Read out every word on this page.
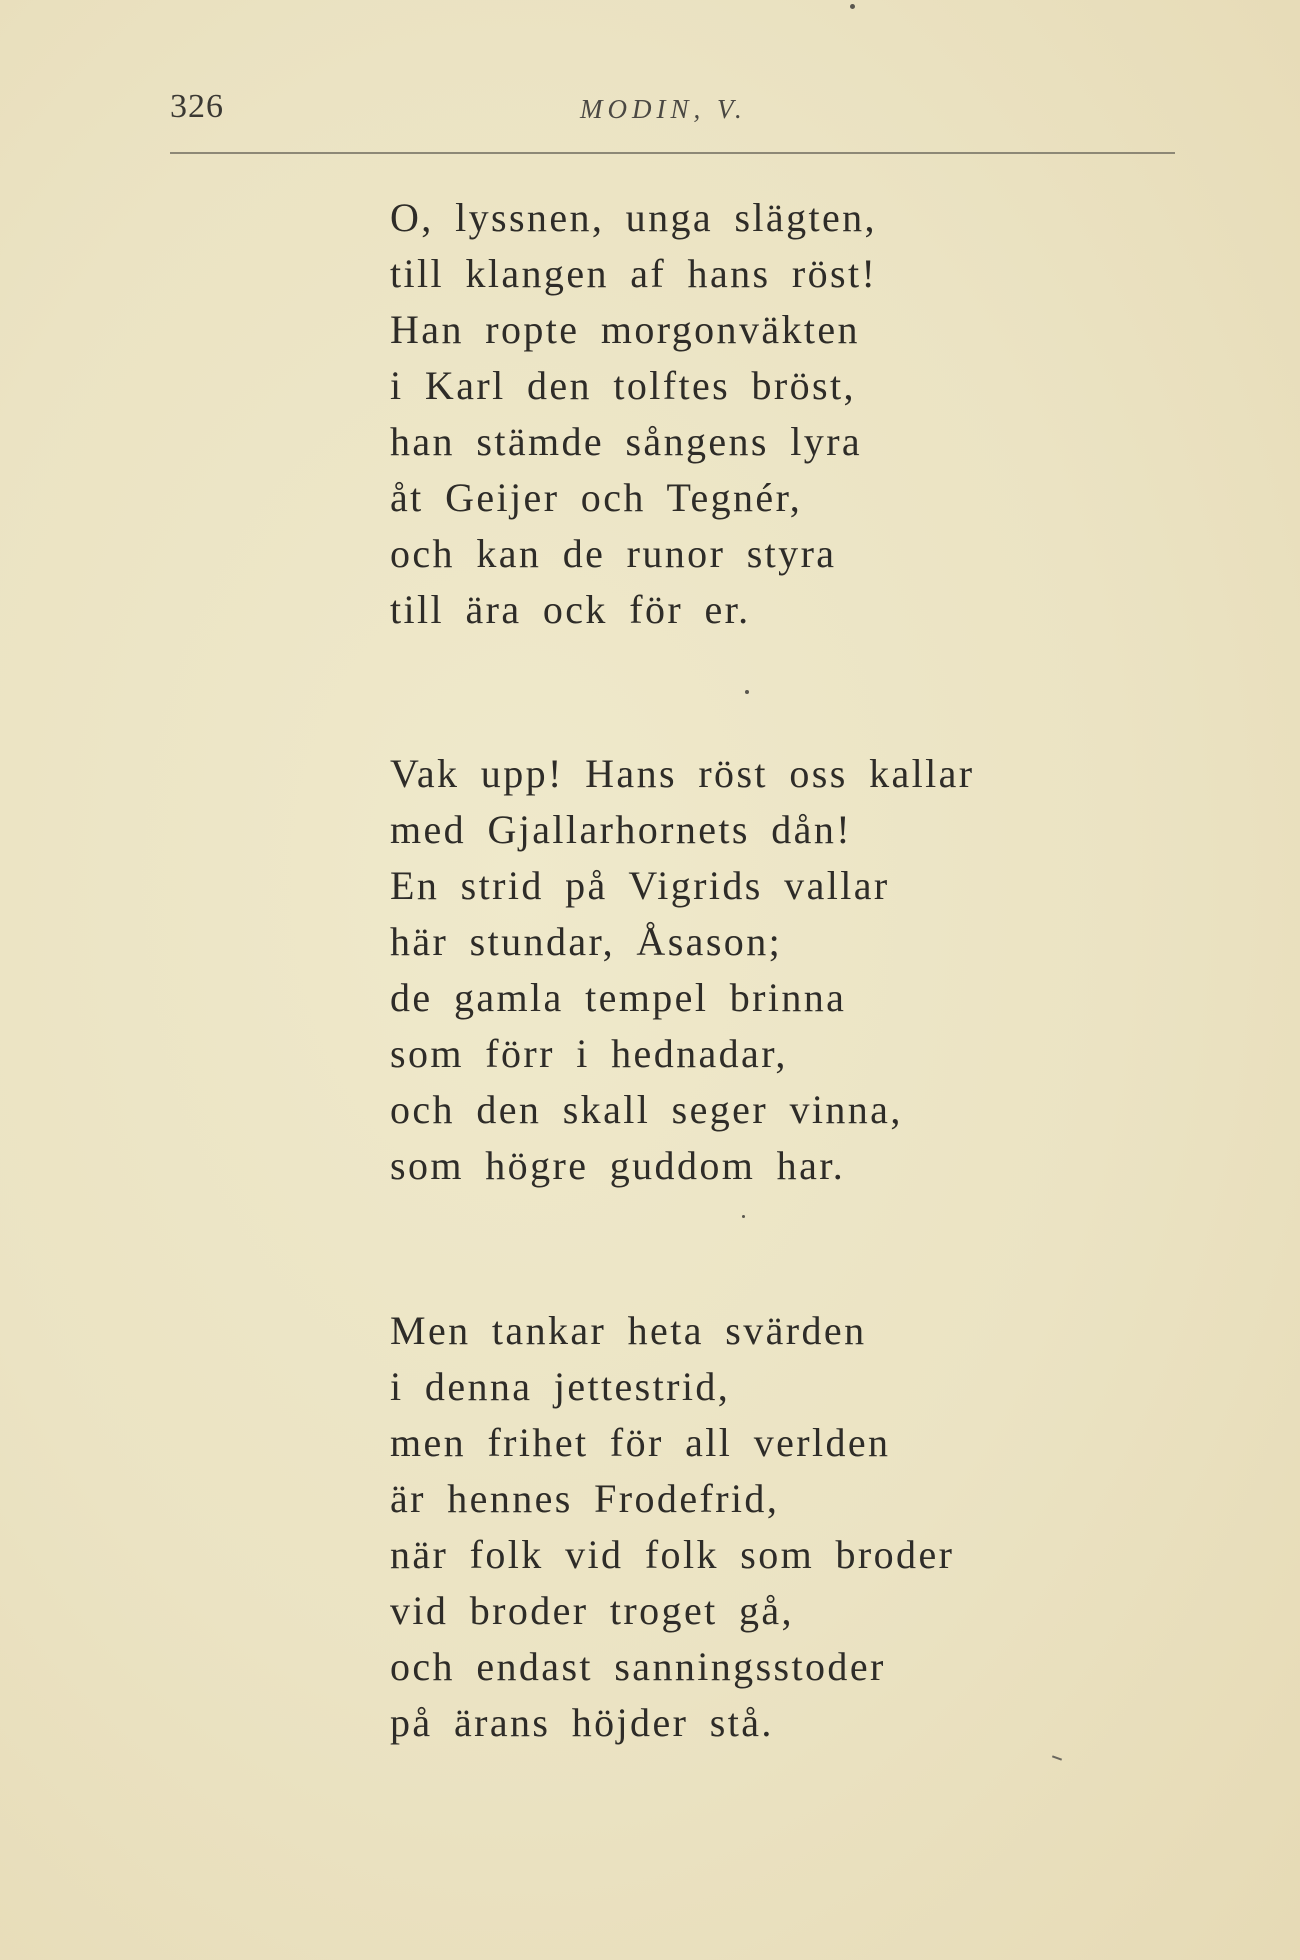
326	MODIN, V.
O, lyssnen, unga slägten,
till klangen af hans röst!
Han ropte morgonväkten
i Karl den tolftes bröst,
han stämde sångens lyra
åt Geijer och Tegnér,
och kan de runor styra
till ära ock för er.
Vak upp! Hans röst oss kallar
med Gjallarhornets dån!
En strid på Vigrids vallar
här stundar, Åsason;
de gamla tempel brinna
som förr i hednadar,
och den skall seger vinna,
som högre guddom har.
Men tankar heta svärden
i denna jettestrid,
men frihet för all verlden
är hennes Frodefrid,
när folk vid folk som broder
vid broder troget gå,
och endast sanningsstoder
på ärans höjder stå.
